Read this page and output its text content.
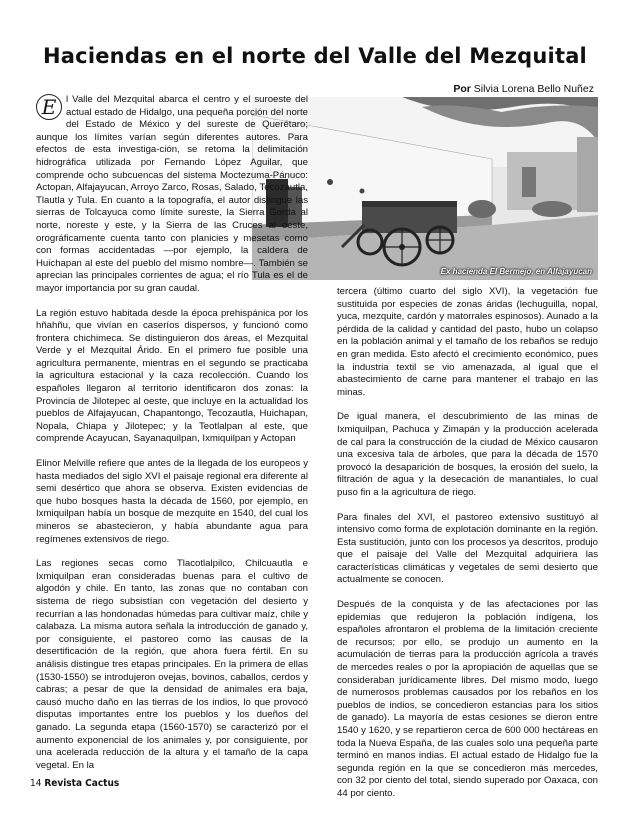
Haciendas en el norte del Valle del Mezquital
Por Silvia Lorena Bello Nuñez
Ex hacienda El Bermejo, en Alfajayucan

E	l Valle del Mezquital abarca el centro y el suroeste del actual estado de Hidalgo, una pequeña porción del norte del Estado de México y del sureste de Querétaro; aunque los límites varían según diferentes autores. Para efectos de esta investiga-ción, se retoma la delimitación hidrográfica utilizada por Fernando López Aguilar, que comprende ocho subcuencas del sistema Moctezuma-Pánuco: Actopan, Alfajayucan, Arroyo Zarco, Rosas, Salado, Tecozautla, Tlautla y Tula. En cuanto a la topografía, el autor distingue las sierras de Tolcayuca como límite sureste, la Sierra Gorda al norte, noreste y este, y la Sierra de las Cruces al oeste, orográficamente cuenta tanto con planicies y mesetas como con formas accidentadas —por ejemplo, la caldera de Huichapan al este del pueblo del mismo nombre—. También se aprecian las principales corrientes de agua; el río Tula es el de mayor importancia por su gran caudal.

La región estuvo habitada desde la época prehispánica por los hñahñu, que vivían en caseríos dispersos, y funcionó como frontera chichimeca. Se distinguieron dos áreas, el Mezquital Verde y el Mezquital Árido. En el primero fue posible una agricultura permanente, mientras en el segundo se practicaba la agricultura estacional y la caza recolección. Cuando los españoles llegaron al territorio identificaron dos zonas: la Provincia de Jilotepec al oeste, que incluye en la actualidad los pueblos de Alfajayucan, Chapantongo, Tecozautla, Huichapan, Nopala, Chiapa y Jilotepec; y la Teotlalpan al este, que comprende Acayucan, Sayanaquilpan, Ixmiquilpan y Actopan

Elinor Melville refiere que antes de la llegada de los europeos y hasta mediados del siglo XVI el paisaje regional era diferente al semi desértico que ahora se observa. Existen evidencias de que hubo bosques hasta la década de 1560, por ejemplo, en Ixmiquilpan había un bosque de mezquite en 1540, del cual los mineros se abastecieron, y había abundante agua para regímenes extensivos de riego.

Las regiones secas como Tlacotlalpilco, Chilcuautla e Ixmiquilpan eran consideradas buenas para el cultivo de algodón y chile. En tanto, las zonas que no contaban con sistema de riego subsistían con vegetación del desierto y recurrían a las hondonadas húmedas para cultivar maíz, chile y calabaza. La misma autora señala la introducción de ganado y, por consiguiente, el pastoreo como las causas de la desertificación de la región, que ahora fuera fértil. En su análisis distingue tres etapas principales. En la primera de ellas (1530-1550) se introdujeron ovejas, bovinos, caballos, cerdos y cabras; a pesar de que la densidad de animales era baja, causó mucho daño en las tierras de los indios, lo que provocó disputas importantes entre los pueblos y los dueños del ganado. La segunda etapa (1560-1570) se caracterizó por el aumento exponencial de los animales y, por consiguiente, por una acelerada reducción de la altura y el tamaño de la capa vegetal. En la

tercera (último cuarto del siglo XVI), la vegetación fue sustituida por especies de zonas áridas (lechuguilla, nopal, yuca, mezquite, cardón y matorrales espinosos). Aunado a la pérdida de la calidad y cantidad del pasto, hubo un colapso en la población animal y el tamaño de los rebaños se redujo en gran medida. Esto afectó el crecimiento económico, pues la industria textil se vio amenazada, al igual que el abastecimiento de carne para mantener el trabajo en las minas.

De igual manera, el descubrimiento de las minas de Ixmiquilpan, Pachuca y Zimapán y la producción acelerada de cal para la construcción de la ciudad de México causaron una excesiva tala de árboles, que para la década de 1570 provocó la desaparición de bosques, la erosión del suelo, la filtración de agua y la desecación de manantiales, lo cual puso fin a la agricultura de riego.

Para finales del XVI, el pastoreo extensivo sustituyó al intensivo como forma de explotación dominante en la región. Esta sustitución, junto con los procesos ya descritos, produjo que el paisaje del Valle del Mezquital adquiriera las características climáticas y vegetales de semi desierto que actualmente se conocen.

Después de la conquista y de las afectaciones por las epidemias que redujeron la población indígena, los españoles afrontaron el problema de la limitación creciente de recursos; por ello, se produjo un aumento en la acumulación de tierras para la producción agrícola a través de mercedes reales o por la apropiación de aquellas que se consideraban jurídicamente libres. Del mismo modo, luego de numerosos problemas causados por los rebaños en los pueblos de indios, se concedieron estancias para los sitios de ganado). La mayoría de estas cesiones se dieron entre 1540 y 1620, y se repartieron cerca de 600 000 hectáreas en toda la Nueva España, de las cuales solo una pequeña parte terminó en manos indias. El actual estado de Hidalgo fue la segunda región en la que se concedieron más mercedes, con 32 por ciento del total, siendo superado por Oaxaca, con 44 por ciento.

14 Revista Cactus
